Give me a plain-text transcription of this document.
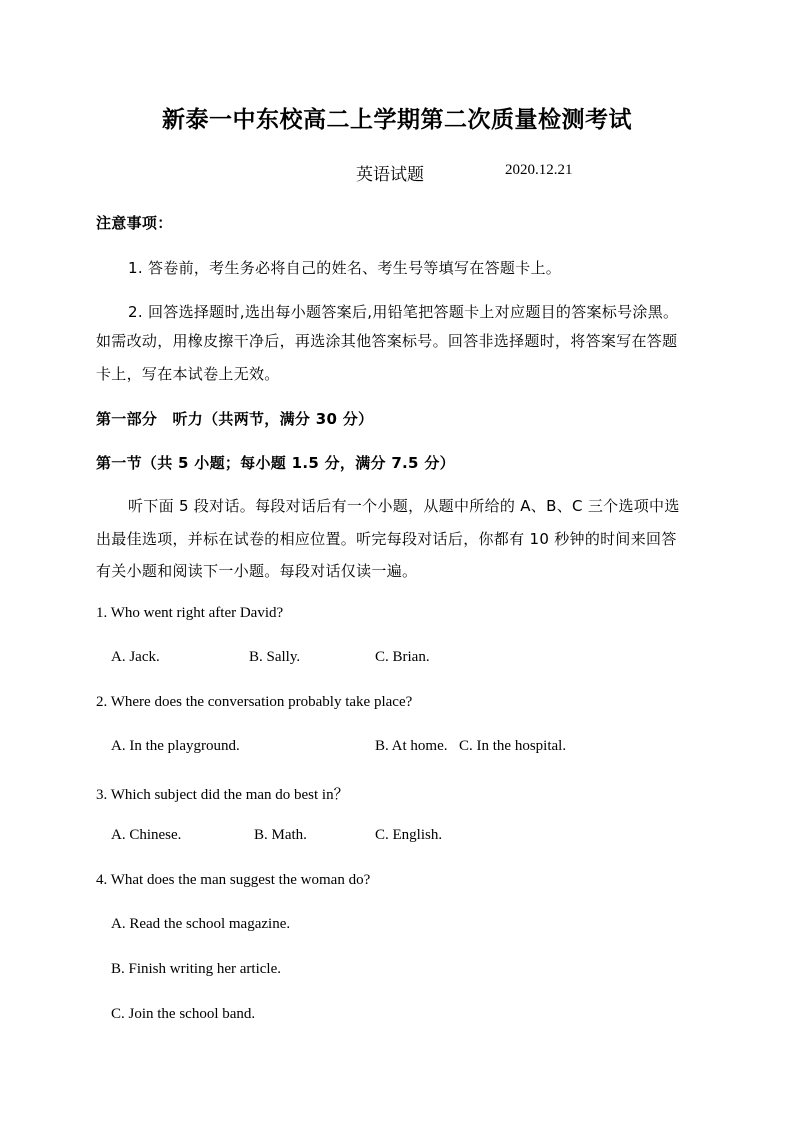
新泰一中东校高二上学期第二次质量检测考试
英语试题	2020.12.21
注意事项：
1. 答卷前，考生务必将自己的姓名、考生号等填写在答题卡上。
2. 回答选择题时,选出每小题答案后,用铅笔把答题卡上对应题目的答案标号涂黑。
如需改动，用橡皮擦干净后，再选涂其他答案标号。回答非选择题时，将答案写在答题
卡上，写在本试卷上无效。
第一部分　听力（共两节，满分 30 分）
第一节（共 5 小题；每小题 1.5 分，满分 7.5 分）
听下面 5 段对话。每段对话后有一个小题，从题中所给的 A、B、C 三个选项中选
出最佳选项，并标在试卷的相应位置。听完每段对话后，你都有 10 秒钟的时间来回答
有关小题和阅读下一小题。每段对话仅读一遍。
1. Who went right after David?
A. Jack.	B. Sally.	C. Brian.
2. Where does the conversation probably take place?
A. In the playground.	B. At home. C. In the hospital.
3. Which subject did the man do best in？
A. Chinese.	B. Math.	C. English.
4. What does the man suggest the woman do?
A. Read the school magazine.
B. Finish writing her article.
C. Join the school band.
